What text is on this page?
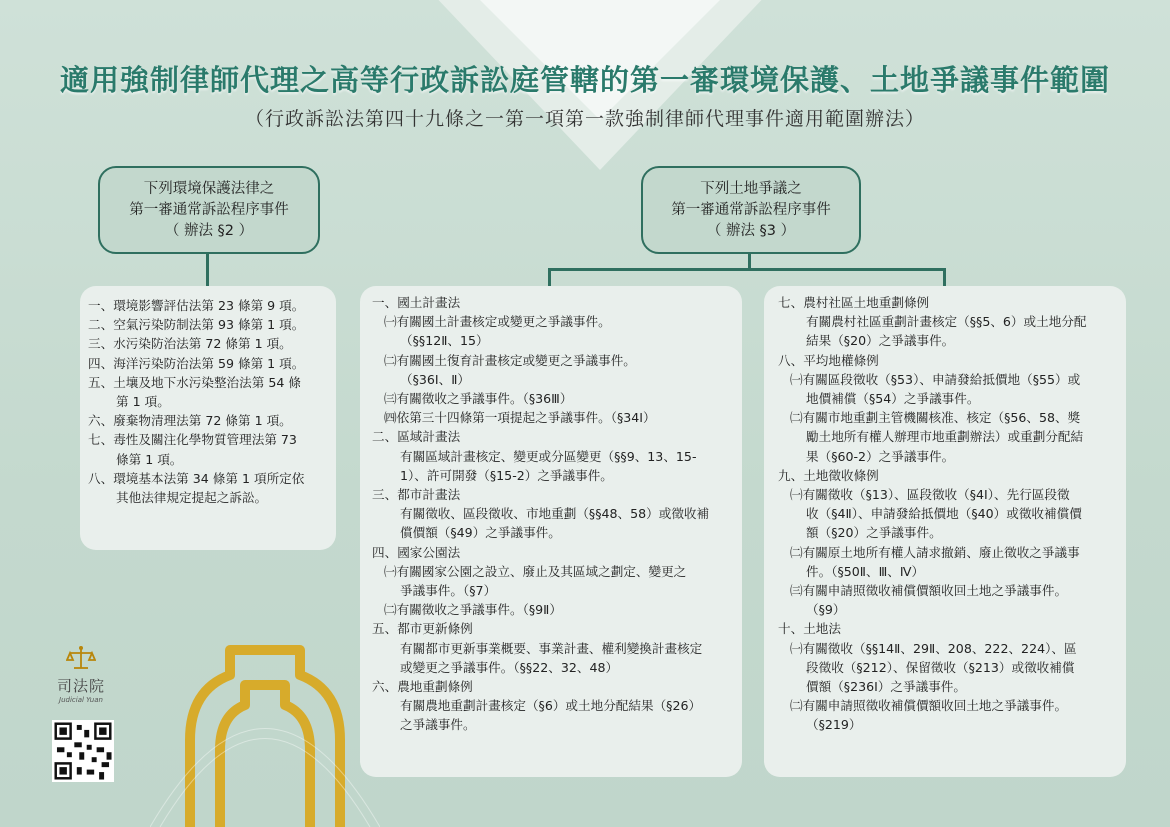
適用強制律師代理之高等行政訴訟庭管轄的第一審環境保護、土地爭議事件範圍
（行政訴訟法第四十九條之一第一項第一款強制律師代理事件適用範圍辦法）
下列環境保護法律之
第一審通常訴訟程序事件
（ 辦法 §2 ）
下列土地爭議之
第一審通常訴訟程序事件
（ 辦法 §3 ）
一、環境影響評估法第 23 條第 9 項。
二、空氣污染防制法第 93 條第 1 項。
三、水污染防治法第 72 條第 1 項。
四、海洋污染防治法第 59 條第 1 項。
五、土壤及地下水污染整治法第 54 條
第 1 項。
六、廢棄物清理法第 72 條第 1 項。
七、毒性及關注化學物質管理法第 73
條第 1 項。
八、環境基本法第 34 條第 1 項所定依
其他法律規定提起之訴訟。
一、國土計畫法
㈠有關國土計畫核定或變更之爭議事件。
（§§12Ⅱ、15）
㈡有關國土復育計畫核定或變更之爭議事件。
（§36Ⅰ、Ⅱ）
㈢有關徵收之爭議事件。（§36Ⅲ）
㈣依第三十四條第一項提起之爭議事件。（§34Ⅰ）
二、區域計畫法
有關區域計畫核定、變更或分區變更（§§9、13、15-
1）、許可開發（§15-2）之爭議事件。
三、都市計畫法
有關徵收、區段徵收、市地重劃（§§48、58）或徵收補
償價額（§49）之爭議事件。
四、國家公園法
㈠有關國家公園之設立、廢止及其區域之劃定、變更之
爭議事件。（§7）
㈡有關徵收之爭議事件。（§9Ⅱ）
五、都市更新條例
有關都市更新事業概要、事業計畫、權利變換計畫核定
或變更之爭議事件。（§§22、32、48）
六、農地重劃條例
有關農地重劃計畫核定（§6）或土地分配結果（§26）
之爭議事件。
七、農村社區土地重劃條例
有關農村社區重劃計畫核定（§§5、6）或土地分配
結果（§20）之爭議事件。
八、平均地權條例
㈠有關區段徵收（§53）、申請發給抵價地（§55）或
地價補償（§54）之爭議事件。
㈡有關市地重劃主管機關核准、核定（§56、58、獎
勵土地所有權人辦理市地重劃辦法）或重劃分配結
果（§60-2）之爭議事件。
九、土地徵收條例
㈠有關徵收（§13）、區段徵收（§4Ⅰ）、先行區段徵
收（§4Ⅱ）、申請發給抵價地（§40）或徵收補償價
額（§20）之爭議事件。
㈡有關原土地所有權人請求撤銷、廢止徵收之爭議事
件。（§50Ⅱ、Ⅲ、Ⅳ）
㈢有關申請照徵收補償價額收回土地之爭議事件。
（§9）
十、土地法
㈠有關徵收（§§14Ⅱ、29Ⅱ、208、222、224）、區
段徵收（§212）、保留徵收（§213）或徵收補償
價額（§236Ⅰ）之爭議事件。
㈡有關申請照徵收補償價額收回土地之爭議事件。
（§219）
司法院
Judicial Yuan
